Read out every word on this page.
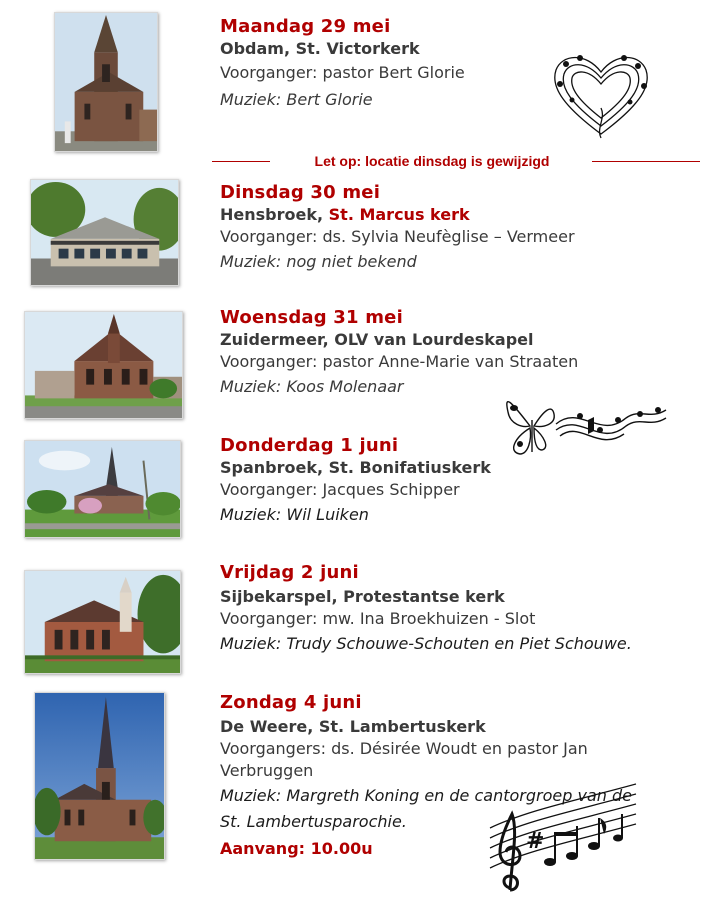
Maandag 29 mei
Obdam, St. Victorkerk
Voorganger: pastor Bert Glorie
Muziek: Bert Glorie
Let op: locatie dinsdag is gewijzigd
Dinsdag 30 mei
Hensbroek, St. Marcus kerk
Voorganger: ds. Sylvia Neufèglise – Vermeer
Muziek: nog niet bekend
Woensdag 31 mei
Zuidermeer, OLV van Lourdeskapel
Voorganger: pastor Anne-Marie van Straaten
Muziek: Koos Molenaar
Donderdag 1 juni
Spanbroek, St. Bonifatiuskerk
Voorganger: Jacques Schipper
Muziek: Wil Luiken
Vrijdag 2 juni
Sijbekarspel, Protestantse kerk
Voorganger: mw. Ina Broekhuizen - Slot
Muziek: Trudy Schouwe-Schouten en Piet Schouwe.
Zondag 4 juni
De Weere, St. Lambertuskerk
Voorgangers: ds. Désirée Woudt en pastor Jan
Verbruggen
Muziek: Margreth Koning en de cantorgroep van de
St. Lambertusparochie.
Aanvang: 10.00u	#
